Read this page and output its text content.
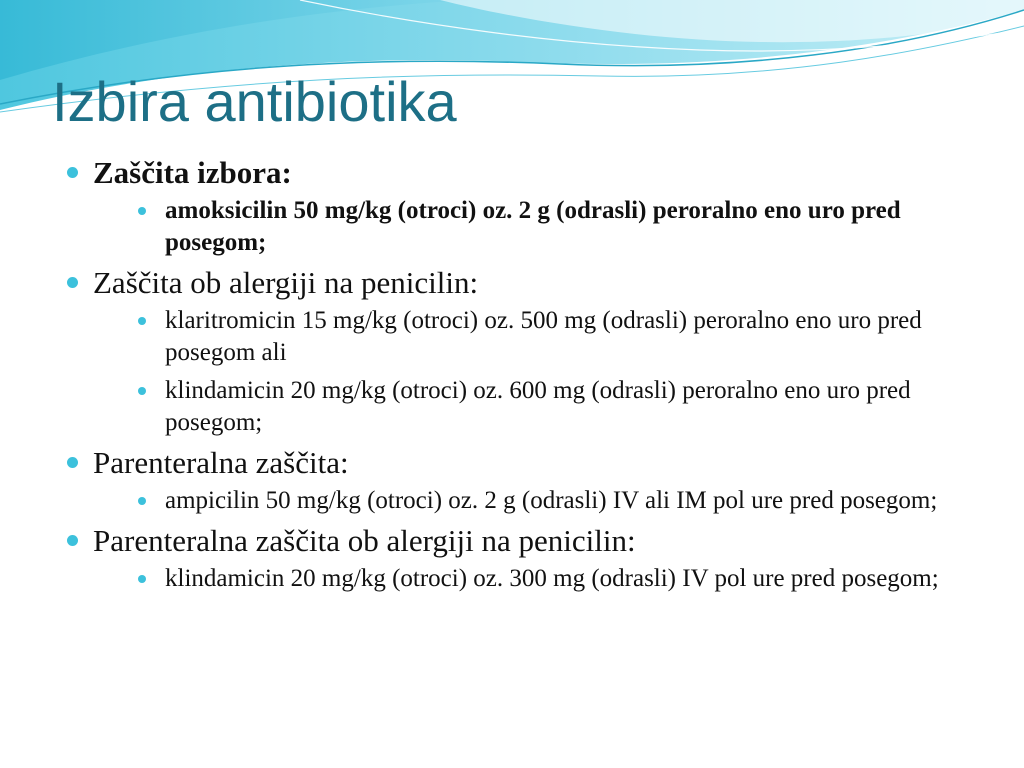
Izbira antibiotika
Zaščita izbora:
amoksicilin 50 mg/kg (otroci) oz. 2 g (odrasli) peroralno eno uro pred posegom;
Zaščita ob alergiji na penicilin:
klaritromicin 15 mg/kg (otroci) oz. 500 mg (odrasli) peroralno eno uro pred posegom ali
klindamicin 20 mg/kg (otroci) oz. 600 mg (odrasli) peroralno eno uro pred posegom;
Parenteralna zaščita:
ampicilin 50 mg/kg (otroci) oz. 2 g (odrasli) IV ali IM pol ure pred posegom;
Parenteralna zaščita ob alergiji na penicilin:
klindamicin 20 mg/kg (otroci) oz. 300 mg (odrasli) IV pol ure pred posegom;
